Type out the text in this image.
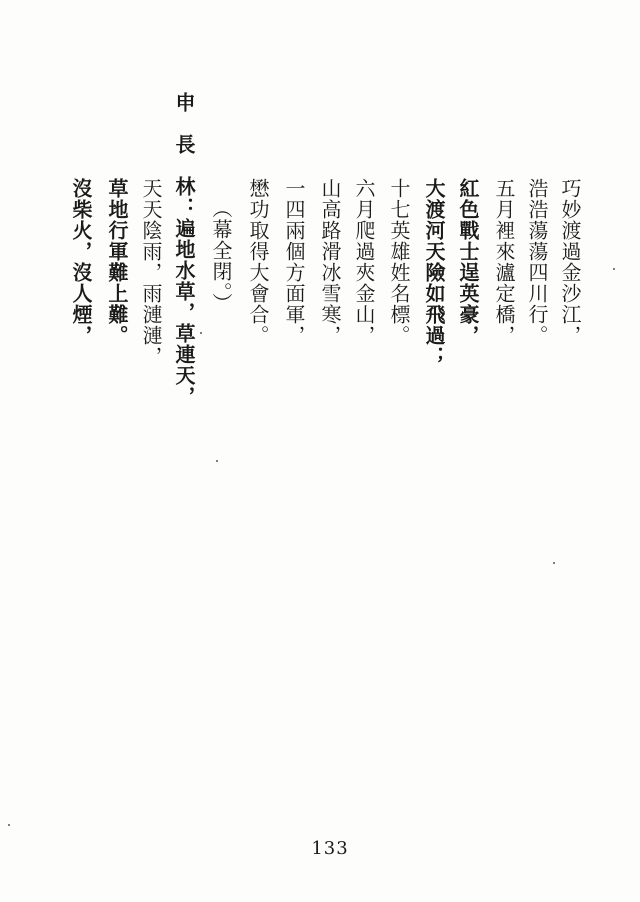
巧妙渡過金沙江，
浩浩蕩蕩四川行。
五月裡來瀘定橋，
紅色戰士逞英豪，
大渡河天險如飛過；
十七英雄姓名標。
六月爬過夾金山，
山高路滑冰雪寒，
一四兩個方面軍，
懋功取得大會合。
（幕全閉。）
申　長　林：遍地水草，草連天，
天天陰雨，雨漣漣，
草地行軍難上難。
沒柴火，沒人煙，
133
